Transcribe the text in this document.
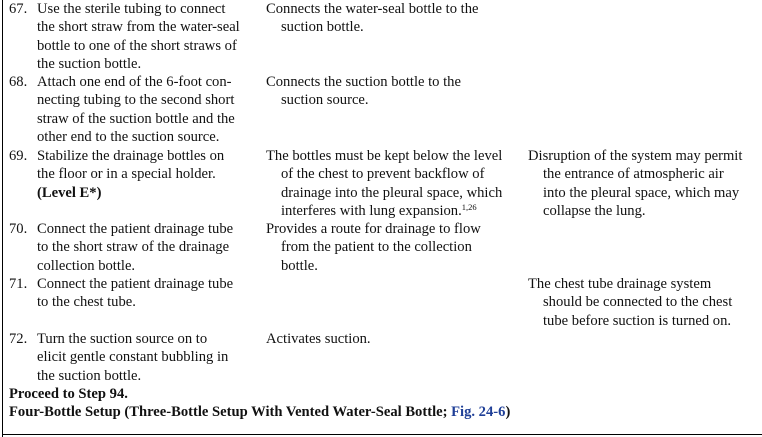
67. Use the sterile tubing to connect
the short straw from the water-seal
bottle to one of the short straws of
the suction bottle.
Connects the water-seal bottle to the
suction bottle.
68. Attach one end of the 6-foot con-
necting tubing to the second short
straw of the suction bottle and the
other end to the suction source.
Connects the suction bottle to the
suction source.
69. Stabilize the drainage bottles on
the floor or in a special holder.
(Level E*)
The bottles must be kept below the level
of the chest to prevent backflow of
drainage into the pleural space, which
interferes with lung expansion.$^{1,26}$
Disruption of the system may permit
the entrance of atmospheric air
into the pleural space, which may
collapse the lung.
70. Connect the patient drainage tube
to the short straw of the drainage
collection bottle.
Provides a route for drainage to flow
from the patient to the collection
bottle.
71. Connect the patient drainage tube
to the chest tube.
The chest tube drainage system
should be connected to the chest
tube before suction is turned on.
72. Turn the suction source on to
elicit gentle constant bubbling in
the suction bottle.
Activates suction.
Proceed to Step 94.
Four-Bottle Setup (Three-Bottle Setup With Vented Water-Seal Bottle; Fig. 24-6)
